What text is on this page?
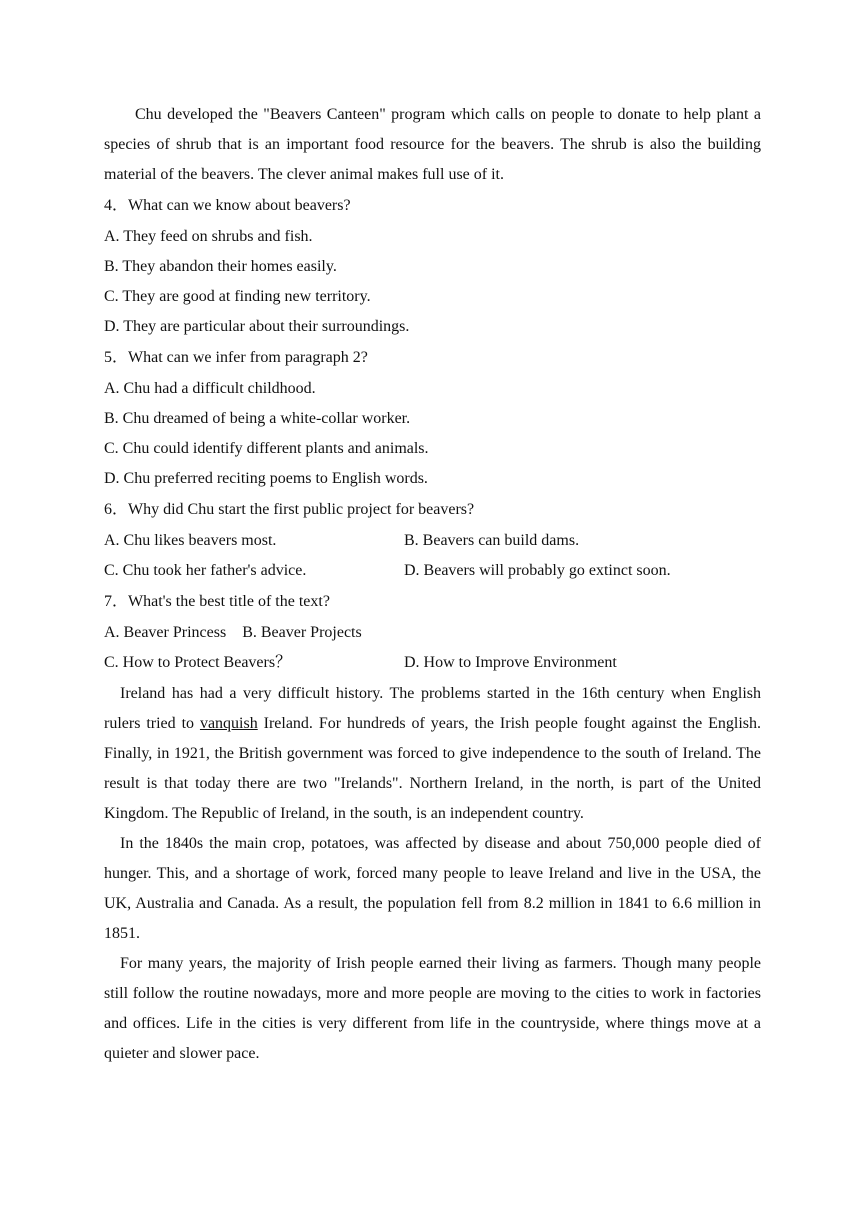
Chu developed the "Beavers Canteen" program which calls on people to donate to help plant a species of shrub that is an important food resource for the beavers. The shrub is also the building material of the beavers. The clever animal makes full use of it.

4．What can we know about beavers?

A. They feed on shrubs and fish.

B. They abandon their homes easily.

C. They are good at finding new territory.

D. They are particular about their surroundings.

5．What can we infer from paragraph 2?

A. Chu had a difficult childhood.

B. Chu dreamed of being a white-collar worker.

C. Chu could identify different plants and animals.

D. Chu preferred reciting poems to English words.

6．Why did Chu start the first public project for beavers?

A. Chu likes beavers most.	B. Beavers can build dams.

C. Chu took her father's advice.	D. Beavers will probably go extinct soon.

7．What's the best title of the text?

A. Beaver Princess　B. Beaver Projects

C. How to Protect Beavers？	D. How to Improve Environment

Ireland has had a very difficult history. The problems started in the 16th century when English rulers tried to vanquish Ireland. For hundreds of years, the Irish people fought against the English. Finally, in 1921, the British government was forced to give independence to the south of Ireland. The result is that today there are two "Irelands". Northern Ireland, in the north, is part of the United Kingdom. The Republic of Ireland, in the south, is an independent country.

In the 1840s the main crop, potatoes, was affected by disease and about 750,000 people died of hunger. This, and a shortage of work, forced many people to leave Ireland and live in the USA, the UK, Australia and Canada. As a result, the population fell from 8.2 million in 1841 to 6.6 million in 1851.

For many years, the majority of Irish people earned their living as farmers. Though many people still follow the routine nowadays, more and more people are moving to the cities to work in factories and offices. Life in the cities is very different from life in the countryside, where things move at a quieter and slower pace.
